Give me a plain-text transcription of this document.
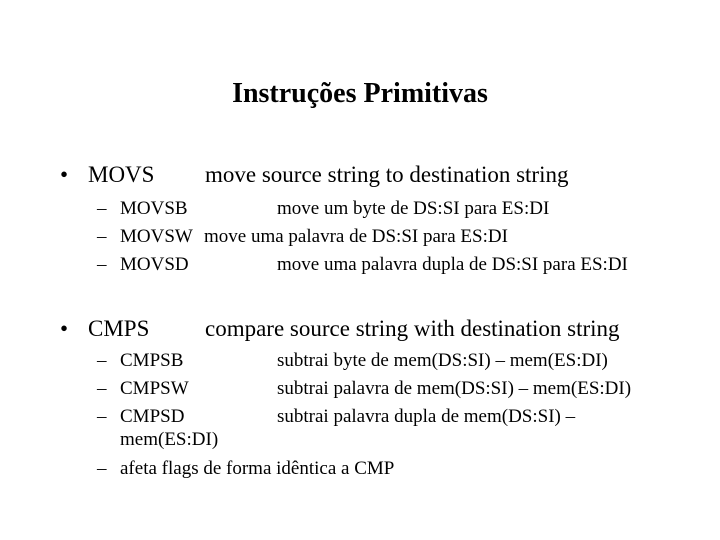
Instruções Primitivas
• MOVS move source string to destination string
– MOVSB	move um byte de DS:SI para ES:DI
– MOVSW move uma palavra de DS:SI para ES:DI
– MOVSD	move uma palavra dupla de DS:SI para ES:DI
• CMPS compare source string with destination string
– CMPSB	subtrai byte de mem(DS:SI) – mem(ES:DI)
– CMPSW	subtrai palavra de mem(DS:SI) – mem(ES:DI)
– CMPSD	subtrai palavra dupla de mem(DS:SI) –
mem(ES:DI)
– afeta flags de forma idêntica a CMP
